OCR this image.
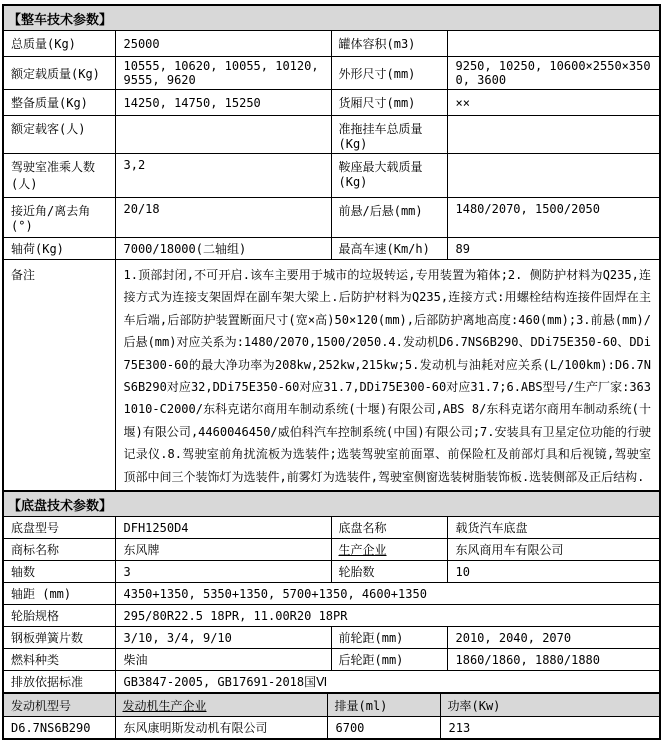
【整车技术参数】			
总质量(Kg)	25000	罐体容积(m3)	
额定载质量(Kg)	10555, 10620, 10055, 10120, 9555, 9620	外形尺寸(mm)	9250, 10250, 10600×2550×3500, 3600
整备质量(Kg)	14250, 14750, 15250	货厢尺寸(mm)	××
额定载客(人)		准拖挂车总质量 (Kg)	
驾驶室准乘人数 (人)	3,2	鞍座最大载质量 (Kg)	
接近角/离去角 (°)	20/18	前悬/后悬(mm)	1480/2070, 1500/2050
轴荷(Kg)	7000/18000(二轴组)	最高车速(Km/h)	89
备注	1.顶部封闭,不可开启.该车主要用于城市的垃圾转运,专用装置为箱体;2. 侧防护材料为Q235,连接方式为连接支架固焊在副车架大梁上.后防护材料为Q235,连接方式:用螺栓结构连接件固焊在主车后端,后部防护装置断面尺寸(宽×高)50×120(mm),后部防护离地高度:460(mm);3.前悬(mm)/后悬(mm)对应关系为:1480/2070,1500/2050.4.发动机D6.7NS6B290、DDi75E350-60、DDi75E300-60的最大净功率为208kw,252kw,215kw;5.发动机与油耗对应关系(L/100km):D6.7NS6B290对应32,DDi75E350-60对应31.7,DDi75E300-60对应31.7;6.ABS型号/生产厂家:3631010-C2000/东科克诺尔商用车制动系统(十堰)有限公司,ABS 8/东科克诺尔商用车制动系统(十堰)有限公司,4460046450/威伯科汽车控制系统(中国)有限公司;7.安装具有卫星定位功能的行驶记录仪.8.驾驶室前角扰流板为选装件;选装驾驶室前面罩、前保险杠及前部灯具和后视镜,驾驶室顶部中间三个装饰灯为选装件,前雾灯为选装件,驾驶室侧窗选装树脂装饰板.选装侧部及正后结构.		
【底盘技术参数】			
底盘型号	DFH1250D4	底盘名称	载货汽车底盘
商标名称	东风牌	生产企业	东风商用车有限公司
轴数	3	轮胎数	10
轴距 (mm)	4350+1350, 5350+1350, 5700+1350, 4600+1350		
轮胎规格	295/80R22.5 18PR, 11.00R20 18PR		
钢板弹簧片数	3/10, 3/4, 9/10	前轮距(mm)	2010, 2040, 2070
燃料种类	柴油	后轮距(mm)	1860/1860, 1880/1880
排放依据标准	GB3847-2005, GB17691-2018国Ⅵ		
发动机型号	发动机生产企业	排量(ml)	功率(Kw)
D6.7NS6B290	东风康明斯发动机有限公司	6700	213
